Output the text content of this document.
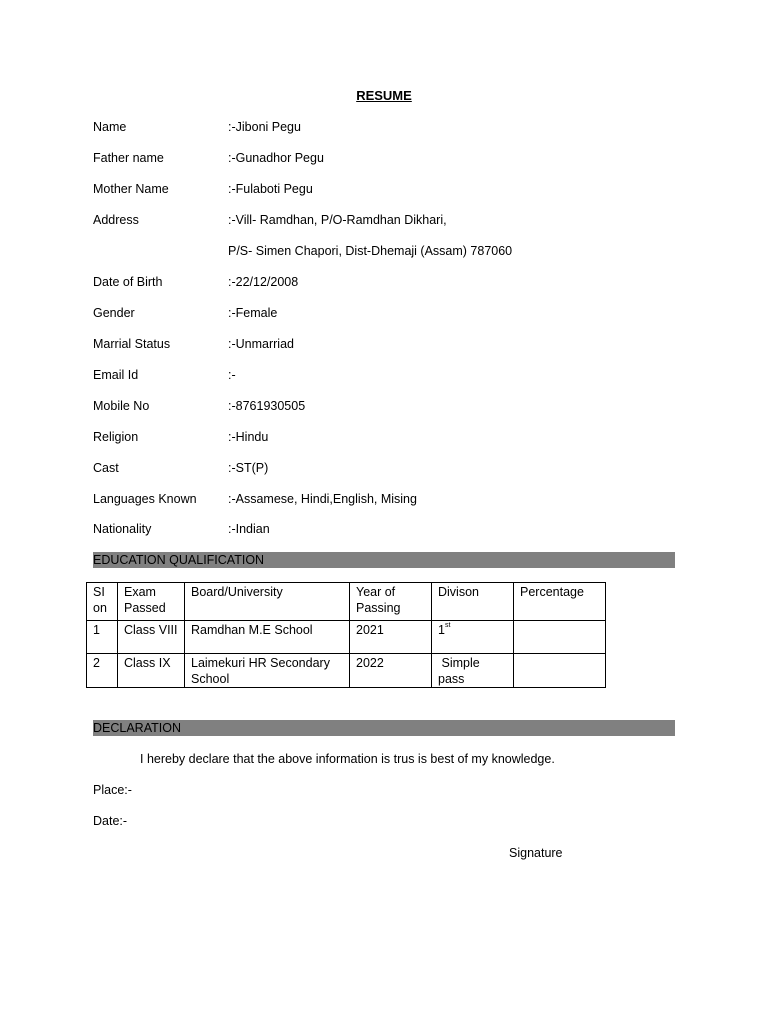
RESUME
Name	:-Jiboni Pegu
Father name	:-Gunadhor Pegu
Mother Name	:-Fulaboti Pegu
Address	:-Vill- Ramdhan, P/O-Ramdhan Dikhari,
P/S- Simen Chapori, Dist-Dhemaji (Assam) 787060
Date of Birth	:-22/12/2008
Gender	:-Female
Marrial Status	:-Unmarriad
Email Id	:-
Mobile No	:-8761930505
Religion	:-Hindu
Cast	:-ST(P)
Languages Known	:-Assamese, Hindi,English, Mising
Nationality	:-Indian
EDUCATION QUALIFICATION
SI on	Exam Passed	Board/University	Year of Passing	Divison	Percentage
1	Class VIII	Ramdhan M.E School	2021	1st	
2	Class IX	Laimekuri HR Secondary School	2022	Simple pass	
DECLARATION
I hereby declare that the above information is trus is best of my knowledge.
Place:-
Date:-
Signature
